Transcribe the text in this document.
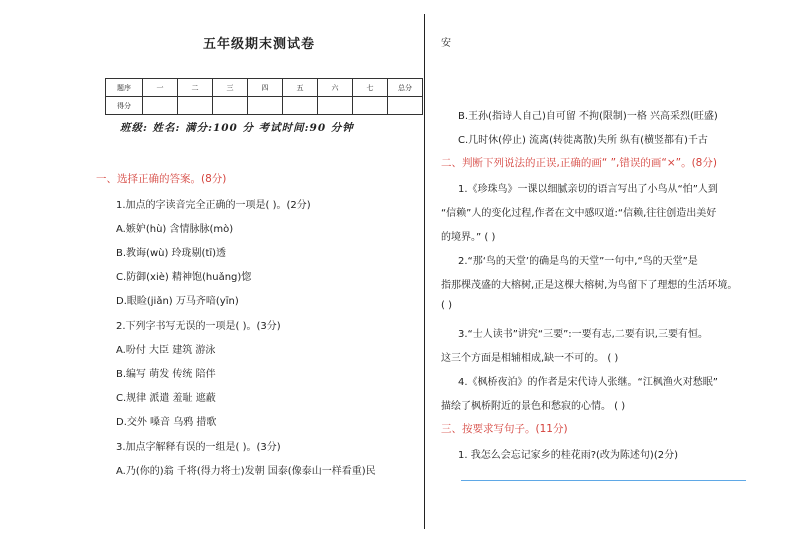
五年级期末测试卷
题序	一	二	三	四	五	六	七	总分
得分								
班级: 姓名: 满分:100 分 考试时间:90 分钟
一、选择正确的答案。(8分)
1.加点的字读音完全正确的一项是( )。(2分)
A.嫉妒(hù) 含情脉脉(mò)
B.教诲(wù) 玲珑剔(tī)透
C.防御(xiè) 精神饱(huǎng)惚
D.眼睑(jiǎn) 万马齐喑(yīn)
2.下列字书写无误的一项是( )。(3分)
A.吩付 大臣 建筑 游泳
B.编写 萌发 传统 陪伴
C.规律 派遣 羞耻 遮蔽
D.交外 嗓音 乌鸦 措歌
3.加点字解释有误的一组是( )。(3分)
A.乃(你的)翁 千将(得力将士)发朝 国泰(像泰山一样看重)民
安
B.王孙(指诗人自己)自可留 不拘(限制)一格 兴高采烈(旺盛)
C.几时休(停止) 流离(转徙离散)失所 纵有(横竖都有)千古
二、判断下列说法的正误,正确的画“ ”,错误的画“×”。(8分)
1.《珍珠鸟》一课以细腻亲切的语言写出了小鸟从“怕”人到
“信赖”人的变化过程,作者在文中感叹道:“信赖,往往创造出美好
的境界。” ( )
2.“那‘鸟的天堂’的确是鸟的天堂”一句中,“鸟的天堂”是
指那棵茂盛的大榕树,正是这棵大榕树,为鸟留下了理想的生活环境。
( )
3.“士人读书”讲究“三要”:一要有志,二要有识,三要有恒。
这三个方面是相辅相成,缺一不可的。 ( )
4.《枫桥夜泊》的作者是宋代诗人张继。“江枫渔火对愁眠”
描绘了枫桥附近的景色和愁寂的心情。 ( )
三、按要求写句子。(11分)
1. 我怎么会忘记家乡的桂花雨?(改为陈述句)(2分)
